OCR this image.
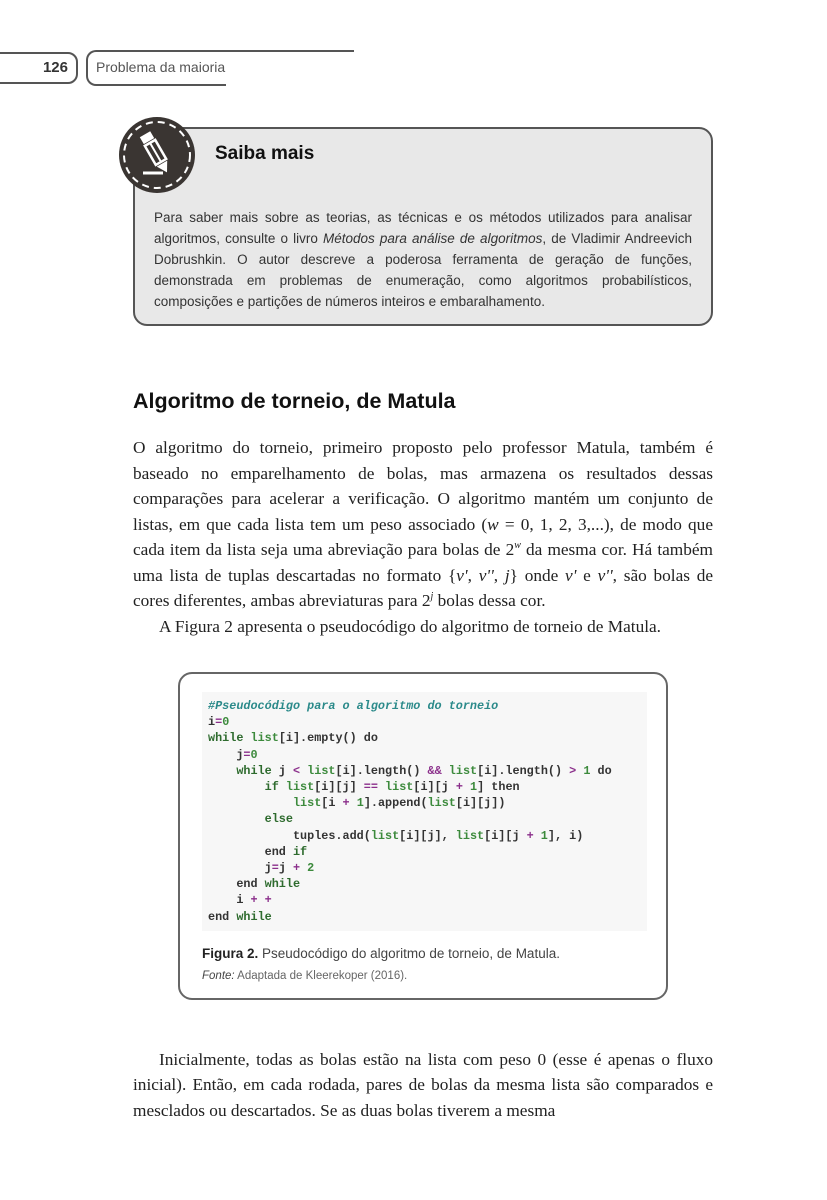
126 Problema da maioria
Saiba mais

Para saber mais sobre as teorias, as técnicas e os métodos utilizados para analisar algoritmos, consulte o livro Métodos para análise de algoritmos, de Vladimir Andreevich Dobrushkin. O autor descreve a poderosa ferramenta de geração de funções, demonstrada em problemas de enumeração, como algoritmos probabilísticos, composições e partições de números inteiros e embaralhamento.

Algoritmo de torneio, de Matula

O algoritmo do torneio, primeiro proposto pelo professor Matula, também é baseado no emparelhamento de bolas, mas armazena os resultados dessas comparações para acelerar a verificação. O algoritmo mantém um conjunto de listas, em que cada lista tem um peso associado (w = 0, 1, 2, 3,...), de modo que cada item da lista seja uma abreviação para bolas de 2$^w$ da mesma cor. Há também uma lista de tuplas descartadas no formato {v', v'', j} onde v' e v'', são bolas de cores diferentes, ambas abreviaturas para 2$^j$ bolas dessa cor.

A Figura 2 apresenta o pseudocódigo do algoritmo de torneio de Matula.

#Pseudocódigo para o algoritmo do torneio
i=0
while list[i].empty() do
j=0
while j < list[i].length() && list[i].length() > 1 do
if list[i][j] == list[i][j + 1] then
list[i + 1].append(list[i][j])
else
tuples.add(list[i][j], list[i][j + 1], i)
end if
j=j + 2
end while
i + +
end while
Figura 2. Pseudocódigo do algoritmo de torneio, de Matula.
Fonte: Adaptada de Kleerekoper (2016).

Inicialmente, todas as bolas estão na lista com peso 0 (esse é apenas o fluxo inicial). Então, em cada rodada, pares de bolas da mesma lista são comparados e mesclados ou descartados. Se as duas bolas tiverem a mesma
